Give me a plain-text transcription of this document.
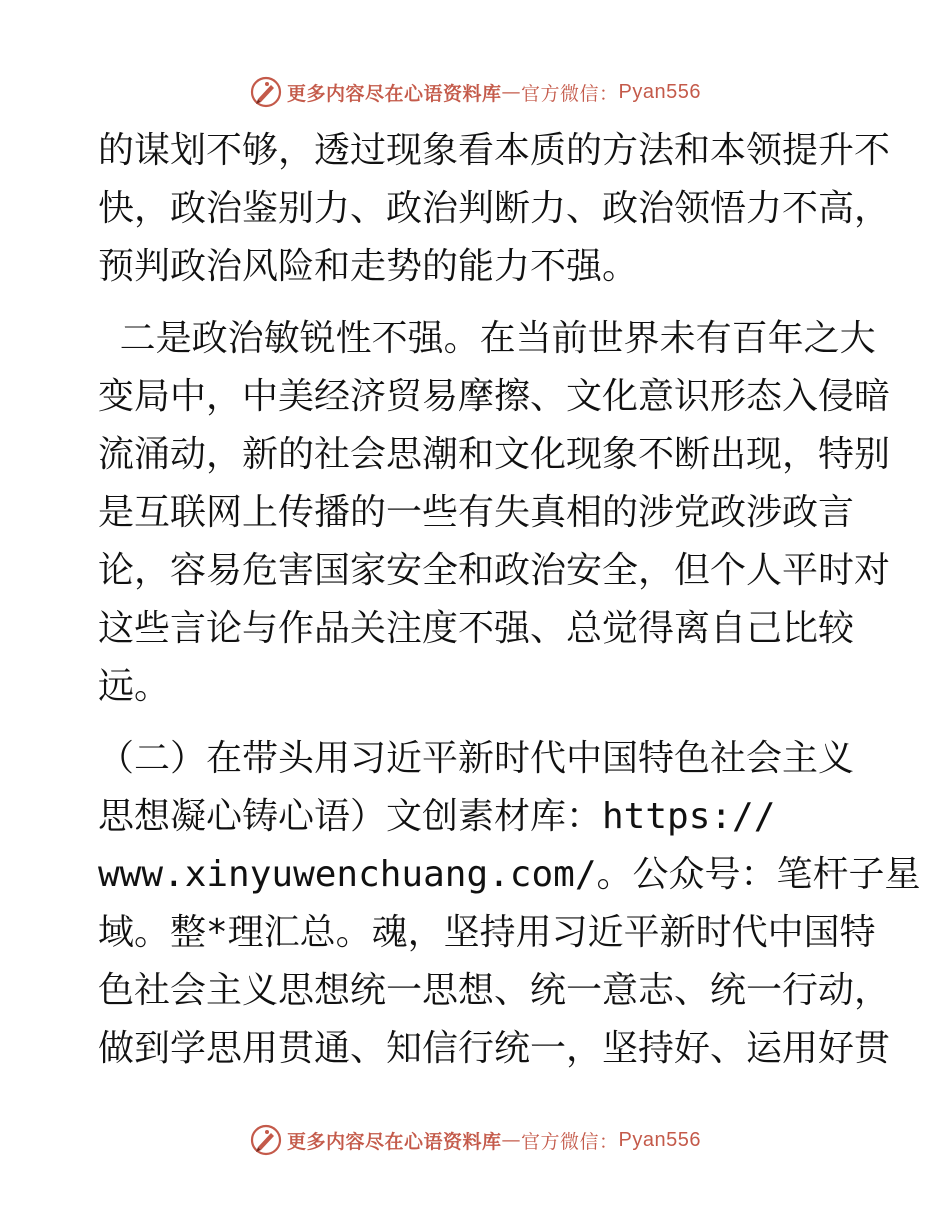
更多内容尽在心语资料库 — 官方微信： Pyan556
的谋划不够，透过现象看本质的方法和本领提升不
快，政治鉴别力、政治判断力、政治领悟力不高，
预判政治风险和走势的能力不强。
二是政治敏锐性不强。在当前世界未有百年之大
变局中，中美经济贸易摩擦、文化意识形态入侵暗
流涌动，新的社会思潮和文化现象不断出现，特别
是互联网上传播的一些有失真相的涉党政涉政言
论，容易危害国家安全和政治安全，但个人平时对
这些言论与作品关注度不强、总觉得离自己比较
远。
（二）在带头用习近平新时代中国特色社会主义
思想凝心铸心语）文创素材库：https://
www.xinyuwenchuang.com/。公众号：笔杆子星
域。整*理汇总。魂，坚持用习近平新时代中国特
色社会主义思想统一思想、统一意志、统一行动，
做到学思用贯通、知信行统一，坚持好、运用好贯
更多内容尽在心语资料库 — 官方微信： Pyan556
